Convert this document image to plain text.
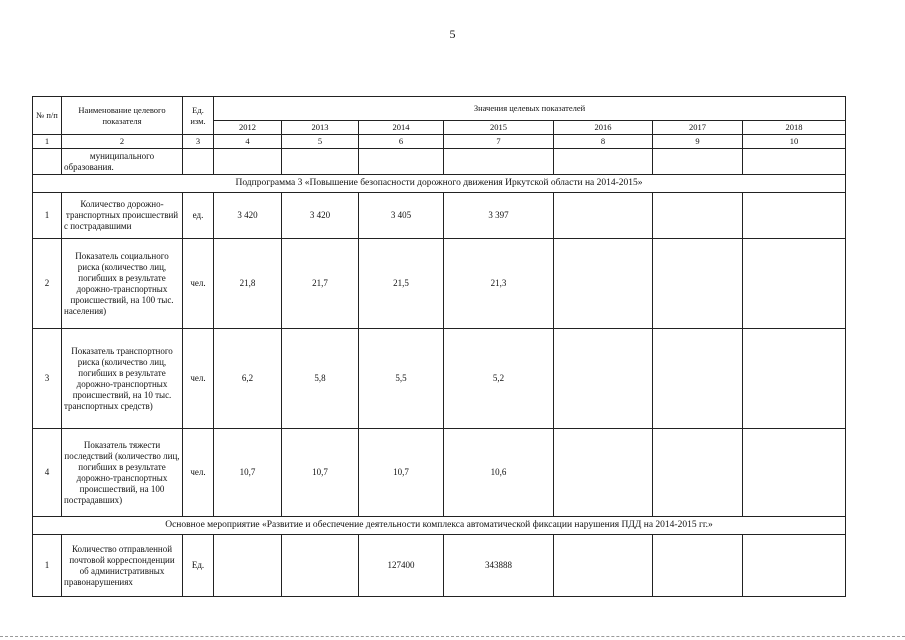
5
№ п/п	Наименование целевого показателя	Ед. изм.	Значения целевых показателей						
			2012	2013	2014	2015	2016	2017	2018
1	2	3	4	5	6	7	8	9	10
	муниципального образования.								
Подпрограмма 3 «Повышение безопасности дорожного движения Иркутской области на 2014-2015»									
1	Количество дорожно-транспортных происшествий с пострадавшими	ед.	3 420	3 420	3 405	3 397			
2	Показатель социального риска (количество лиц, погибших в результате дорожно-транспортных происшествий, на 100 тыс. населения)	чел.	21,8	21,7	21,5	21,3			
3	Показатель транспортного риска (количество лиц, погибших в результате дорожно-транспортных происшествий, на 10 тыс. транспортных средств)	чел.	6,2	5,8	5,5	5,2			
4	Показатель тяжести последствий (количество лиц, погибших в результате дорожно-транспортных происшествий, на 100 пострадавших)	чел.	10,7	10,7	10,7	10,6			
Основное мероприятие «Развитие и обеспечение деятельности комплекса автоматической фиксации нарушения ПДД на 2014-2015 гг.»									
1	Количество отправленной почтовой корреспонденции об административных правонарушениях	Ед.			127400	343888			
